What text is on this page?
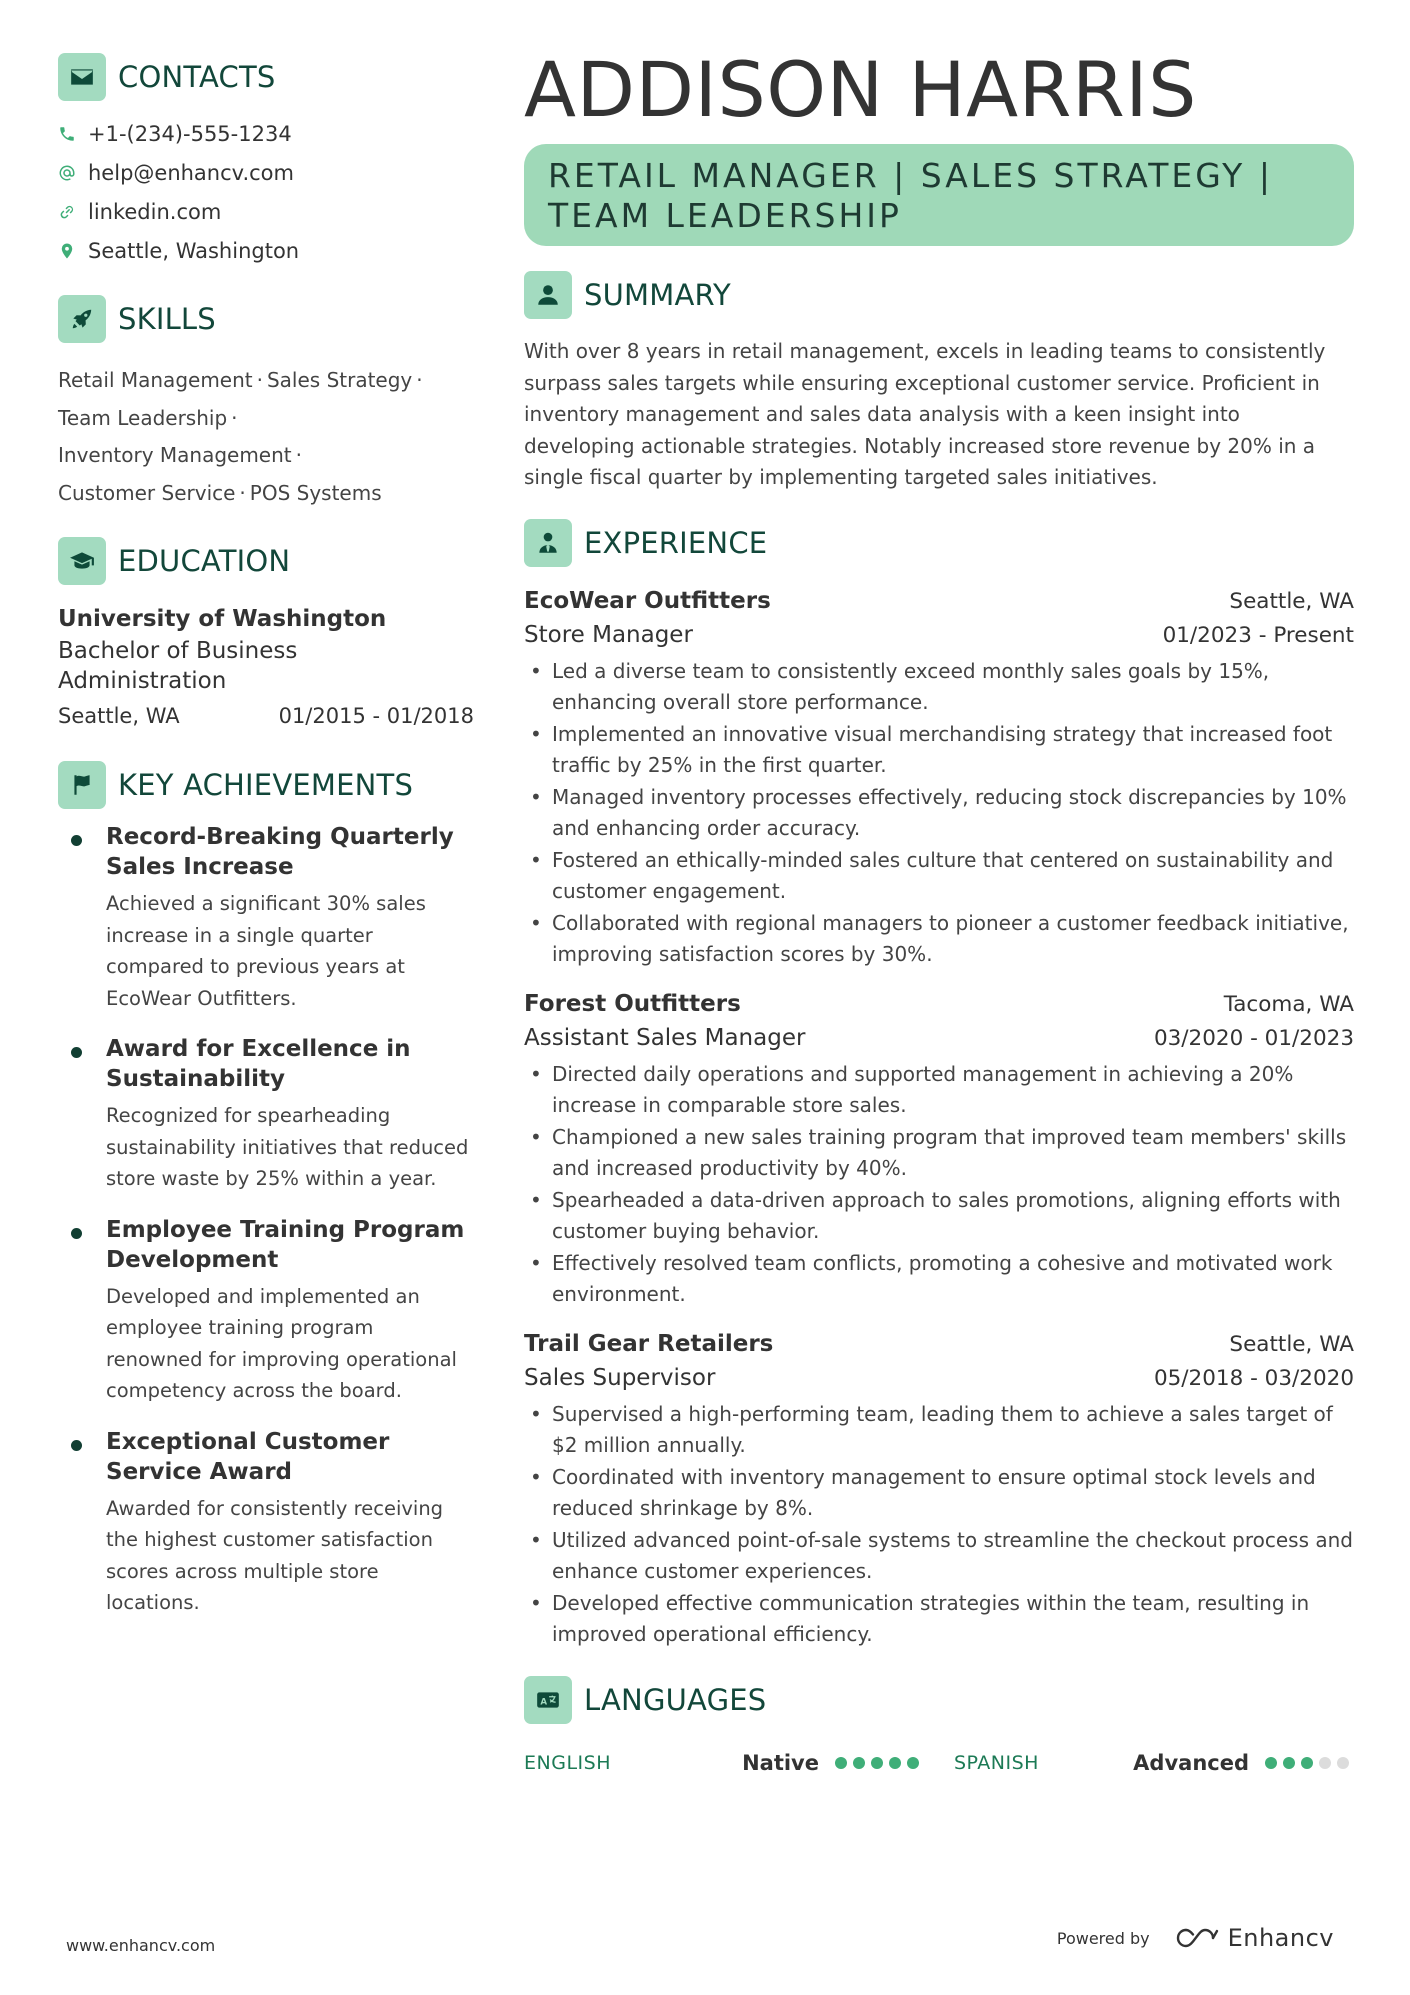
CONTACTS
+1-(234)-555-1234
help@enhancv.com
linkedin.com
Seattle, Washington
SKILLS
Retail Management · Sales Strategy ·
Team Leadership ·
Inventory Management ·
Customer Service · POS Systems
EDUCATION
University of Washington
Bachelor of Business Administration
Seattle, WA	01/2015 - 01/2018
KEY ACHIEVEMENTS
Record-Breaking Quarterly Sales Increase
Achieved a significant 30% sales increase in a single quarter compared to previous years at EcoWear Outfitters.
Award for Excellence in Sustainability
Recognized for spearheading sustainability initiatives that reduced store waste by 25% within a year.
Employee Training Program Development
Developed and implemented an employee training program renowned for improving operational competency across the board.
Exceptional Customer Service Award
Awarded for consistently receiving the highest customer satisfaction scores across multiple store locations.
ADDISON HARRIS
RETAIL MANAGER | SALES STRATEGY | TEAM LEADERSHIP
SUMMARY

With over 8 years in retail management, excels in leading teams to consistently surpass sales targets while ensuring exceptional customer service. Proficient in inventory management and sales data analysis with a keen insight into developing actionable strategies. Notably increased store revenue by 20% in a single fiscal quarter by implementing targeted sales initiatives.

EXPERIENCE
EcoWear Outfitters	Seattle, WA
Store Manager	01/2023 - Present
• Led a diverse team to consistently exceed monthly sales goals by 15%, enhancing overall store performance.
• Implemented an innovative visual merchandising strategy that increased foot traffic by 25% in the first quarter.
• Managed inventory processes effectively, reducing stock discrepancies by 10% and enhancing order accuracy.
• Fostered an ethically-minded sales culture that centered on sustainability and customer engagement.
• Collaborated with regional managers to pioneer a customer feedback initiative, improving satisfaction scores by 30%.
Forest Outfitters	Tacoma, WA
Assistant Sales Manager	03/2020 - 01/2023
• Directed daily operations and supported management in achieving a 20% increase in comparable store sales.
• Championed a new sales training program that improved team members' skills and increased productivity by 40%.
• Spearheaded a data-driven approach to sales promotions, aligning efforts with customer buying behavior.
• Effectively resolved team conflicts, promoting a cohesive and motivated work environment.
Trail Gear Retailers	Seattle, WA
Sales Supervisor	05/2018 - 03/2020
• Supervised a high-performing team, leading them to achieve a sales target of $2 million annually.
• Coordinated with inventory management to ensure optimal stock levels and reduced shrinkage by 8%.
• Utilized advanced point-of-sale systems to streamline the checkout process and enhance customer experiences.
• Developed effective communication strategies within the team, resulting in improved operational efficiency.
A LANGUAGES
ENGLISH	Native	SPANISH	Advanced
www.enhancv.com	Powered by	Enhancv
